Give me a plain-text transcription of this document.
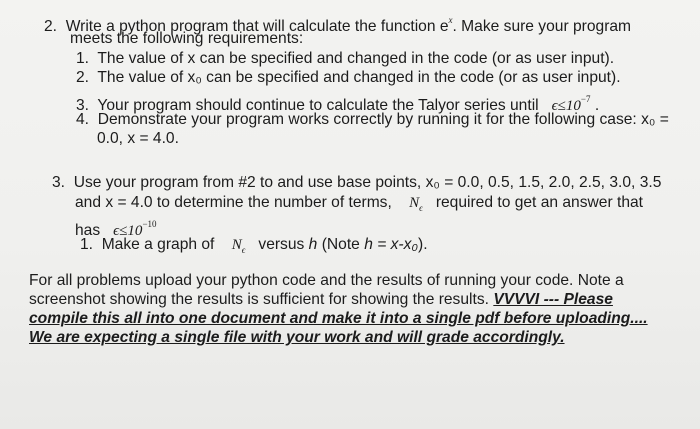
2. Write a python program that will calculate the function $e^x$. Make sure your program
meets the following requirements:
1. The value of x can be specified and changed in the code (or as user input).
2. The value of x₀ can be specified and changed in the code (or as user input).
3. Your program should continue to calculate the Talyor series until $\epsilon\le 10^{-7}$ .
4. Demonstrate your program works correctly by running it for the following case: x₀ =
0.0, x = 4.0.
3. Use your program from #2 to and use base points, x₀ = 0.0, 0.5, 1.5, 2.0, 2.5, 3.0, 3.5
and x = 4.0 to determine the number of terms, $N_\epsilon$ required to get an answer that
has $\epsilon\le 10^{-10}$
1. Make a graph of $N_\epsilon$ versus h (Note h = x-x₀).
For all problems upload your python code and the results of running your code. Note a
screenshot showing the results is sufficient for showing the results. VVVVI --- Please
compile this all into one document and make it into a single pdf before uploading....
We are expecting a single file with your work and will grade accordingly.
